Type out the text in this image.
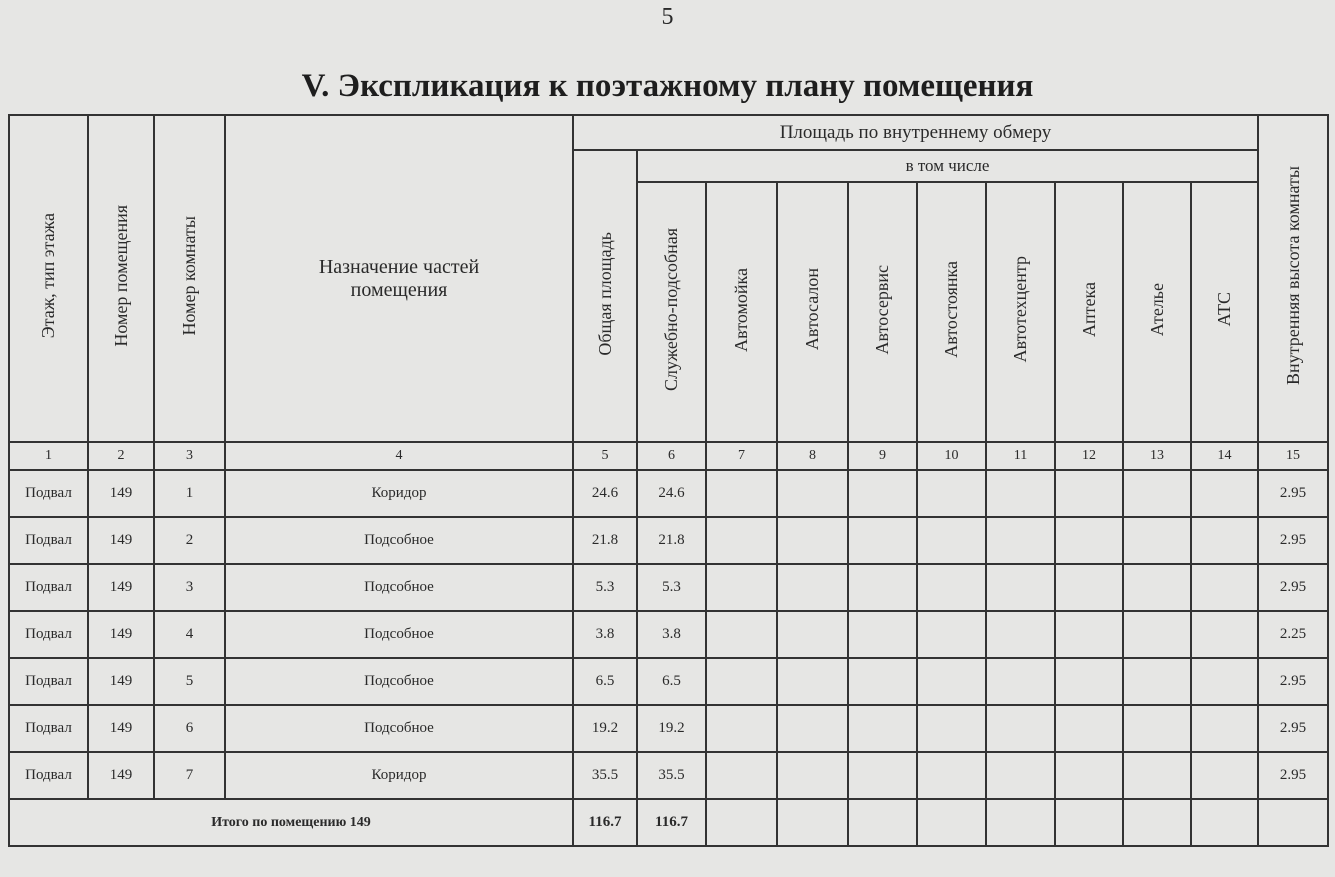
5
V. Экспликация к поэтажному плану помещения
Этаж, тип этажа	Номер помещения	Номер комнаты	Назначение частей помещения	Площадь по внутреннему обмеру										Внутренняя высота комнаты
				Общая площадь	в том числе									
					Служебно-подсобная	Автомойка	Автосалон	Автосервис	Автостоянка	Автотехцентр	Аптека	Ателье	АТС	
1	2	3	4	5	6	7	8	9	10	11	12	13	14	15
Подвал	149	1	Коридор	24.6	24.6									2.95
Подвал	149	2	Подсобное	21.8	21.8									2.95
Подвал	149	3	Подсобное	5.3	5.3									2.95
Подвал	149	4	Подсобное	3.8	3.8									2.25
Подвал	149	5	Подсобное	6.5	6.5									2.95
Подвал	149	6	Подсобное	19.2	19.2									2.95
Подвал	149	7	Коридор	35.5	35.5									2.95
Итого по помещению 149				116.7	116.7									
